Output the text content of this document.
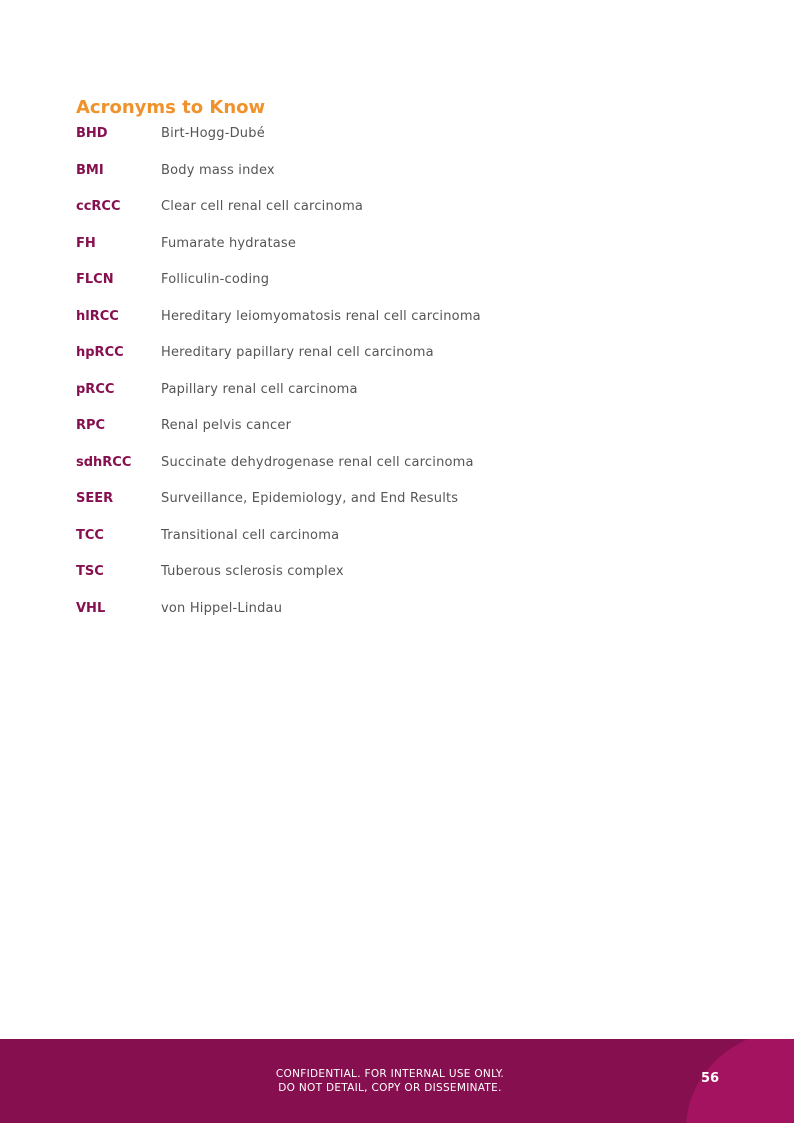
Acronyms to Know
BHD	Birt-Hogg-Dubé
BMI	Body mass index
ccRCC	Clear cell renal cell carcinoma
FH	Fumarate hydratase
FLCN	Folliculin-coding
hlRCC	Hereditary leiomyomatosis renal cell carcinoma
hpRCC	Hereditary papillary renal cell carcinoma
pRCC	Papillary renal cell carcinoma
RPC	Renal pelvis cancer
sdhRCC	Succinate dehydrogenase renal cell carcinoma
SEER	Surveillance, Epidemiology, and End Results
TCC	Transitional cell carcinoma
TSC	Tuberous sclerosis complex
VHL	von Hippel-Lindau
CONFIDENTIAL. FOR INTERNAL USE ONLY.
DO NOT DETAIL, COPY OR DISSEMINATE.
56
